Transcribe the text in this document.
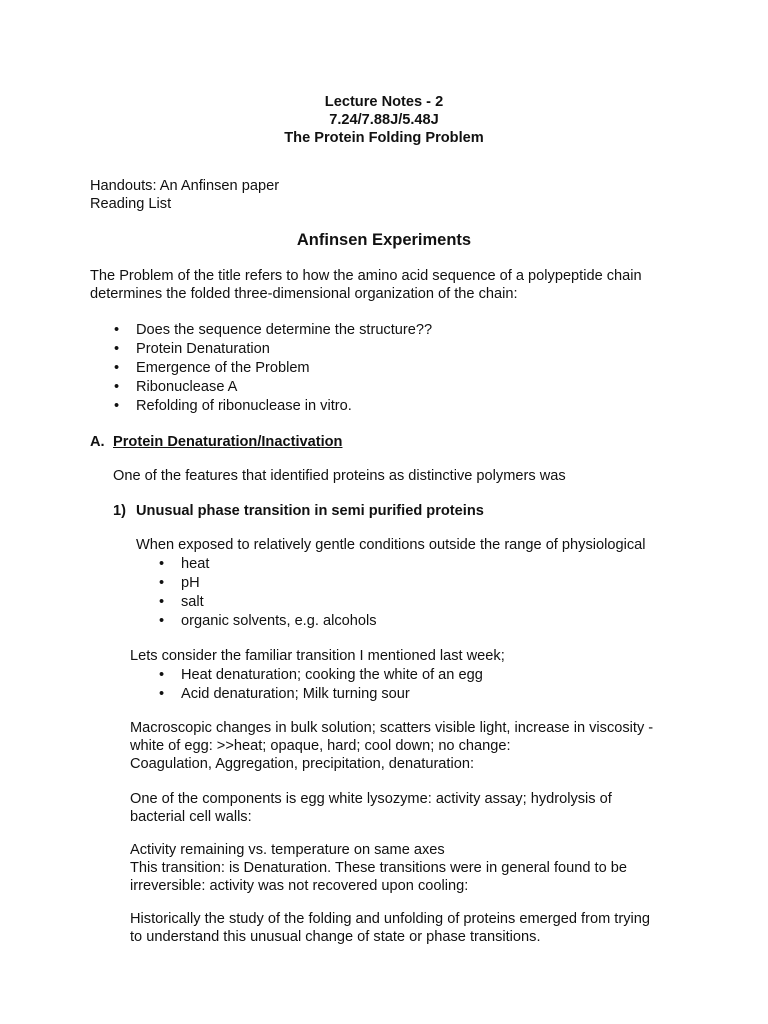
Lecture Notes - 2
7.24/7.88J/5.48J
The Protein Folding Problem
Handouts: An Anfinsen paper
Reading List
Anfinsen Experiments
The Problem of the title refers to how the amino acid sequence of a polypeptide chain
determines the folded three-dimensional organization of the chain:
• Does the sequence determine the structure??
• Protein Denaturation
• Emergence of the Problem
• Ribonuclease A
• Refolding of ribonuclease in vitro.
A. Protein Denaturation/Inactivation
One of the features that identified proteins as distinctive polymers was
1) Unusual phase transition in semi purified proteins
When exposed to relatively gentle conditions outside the range of physiological
• heat
• pH
• salt
• organic solvents, e.g. alcohols
Lets consider the familiar transition I mentioned last week;
• Heat denaturation; cooking the white of an egg
• Acid denaturation; Milk turning sour
Macroscopic changes in bulk solution; scatters visible light, increase in viscosity -
white of egg: >>heat; opaque, hard; cool down; no change:
Coagulation, Aggregation, precipitation, denaturation:
One of the components is egg white lysozyme: activity assay; hydrolysis of
bacterial cell walls:
Activity remaining vs. temperature on same axes
This transition: is Denaturation. These transitions were in general found to be
irreversible: activity was not recovered upon cooling:
Historically the study of the folding and unfolding of proteins emerged from trying
to understand this unusual change of state or phase transitions.
